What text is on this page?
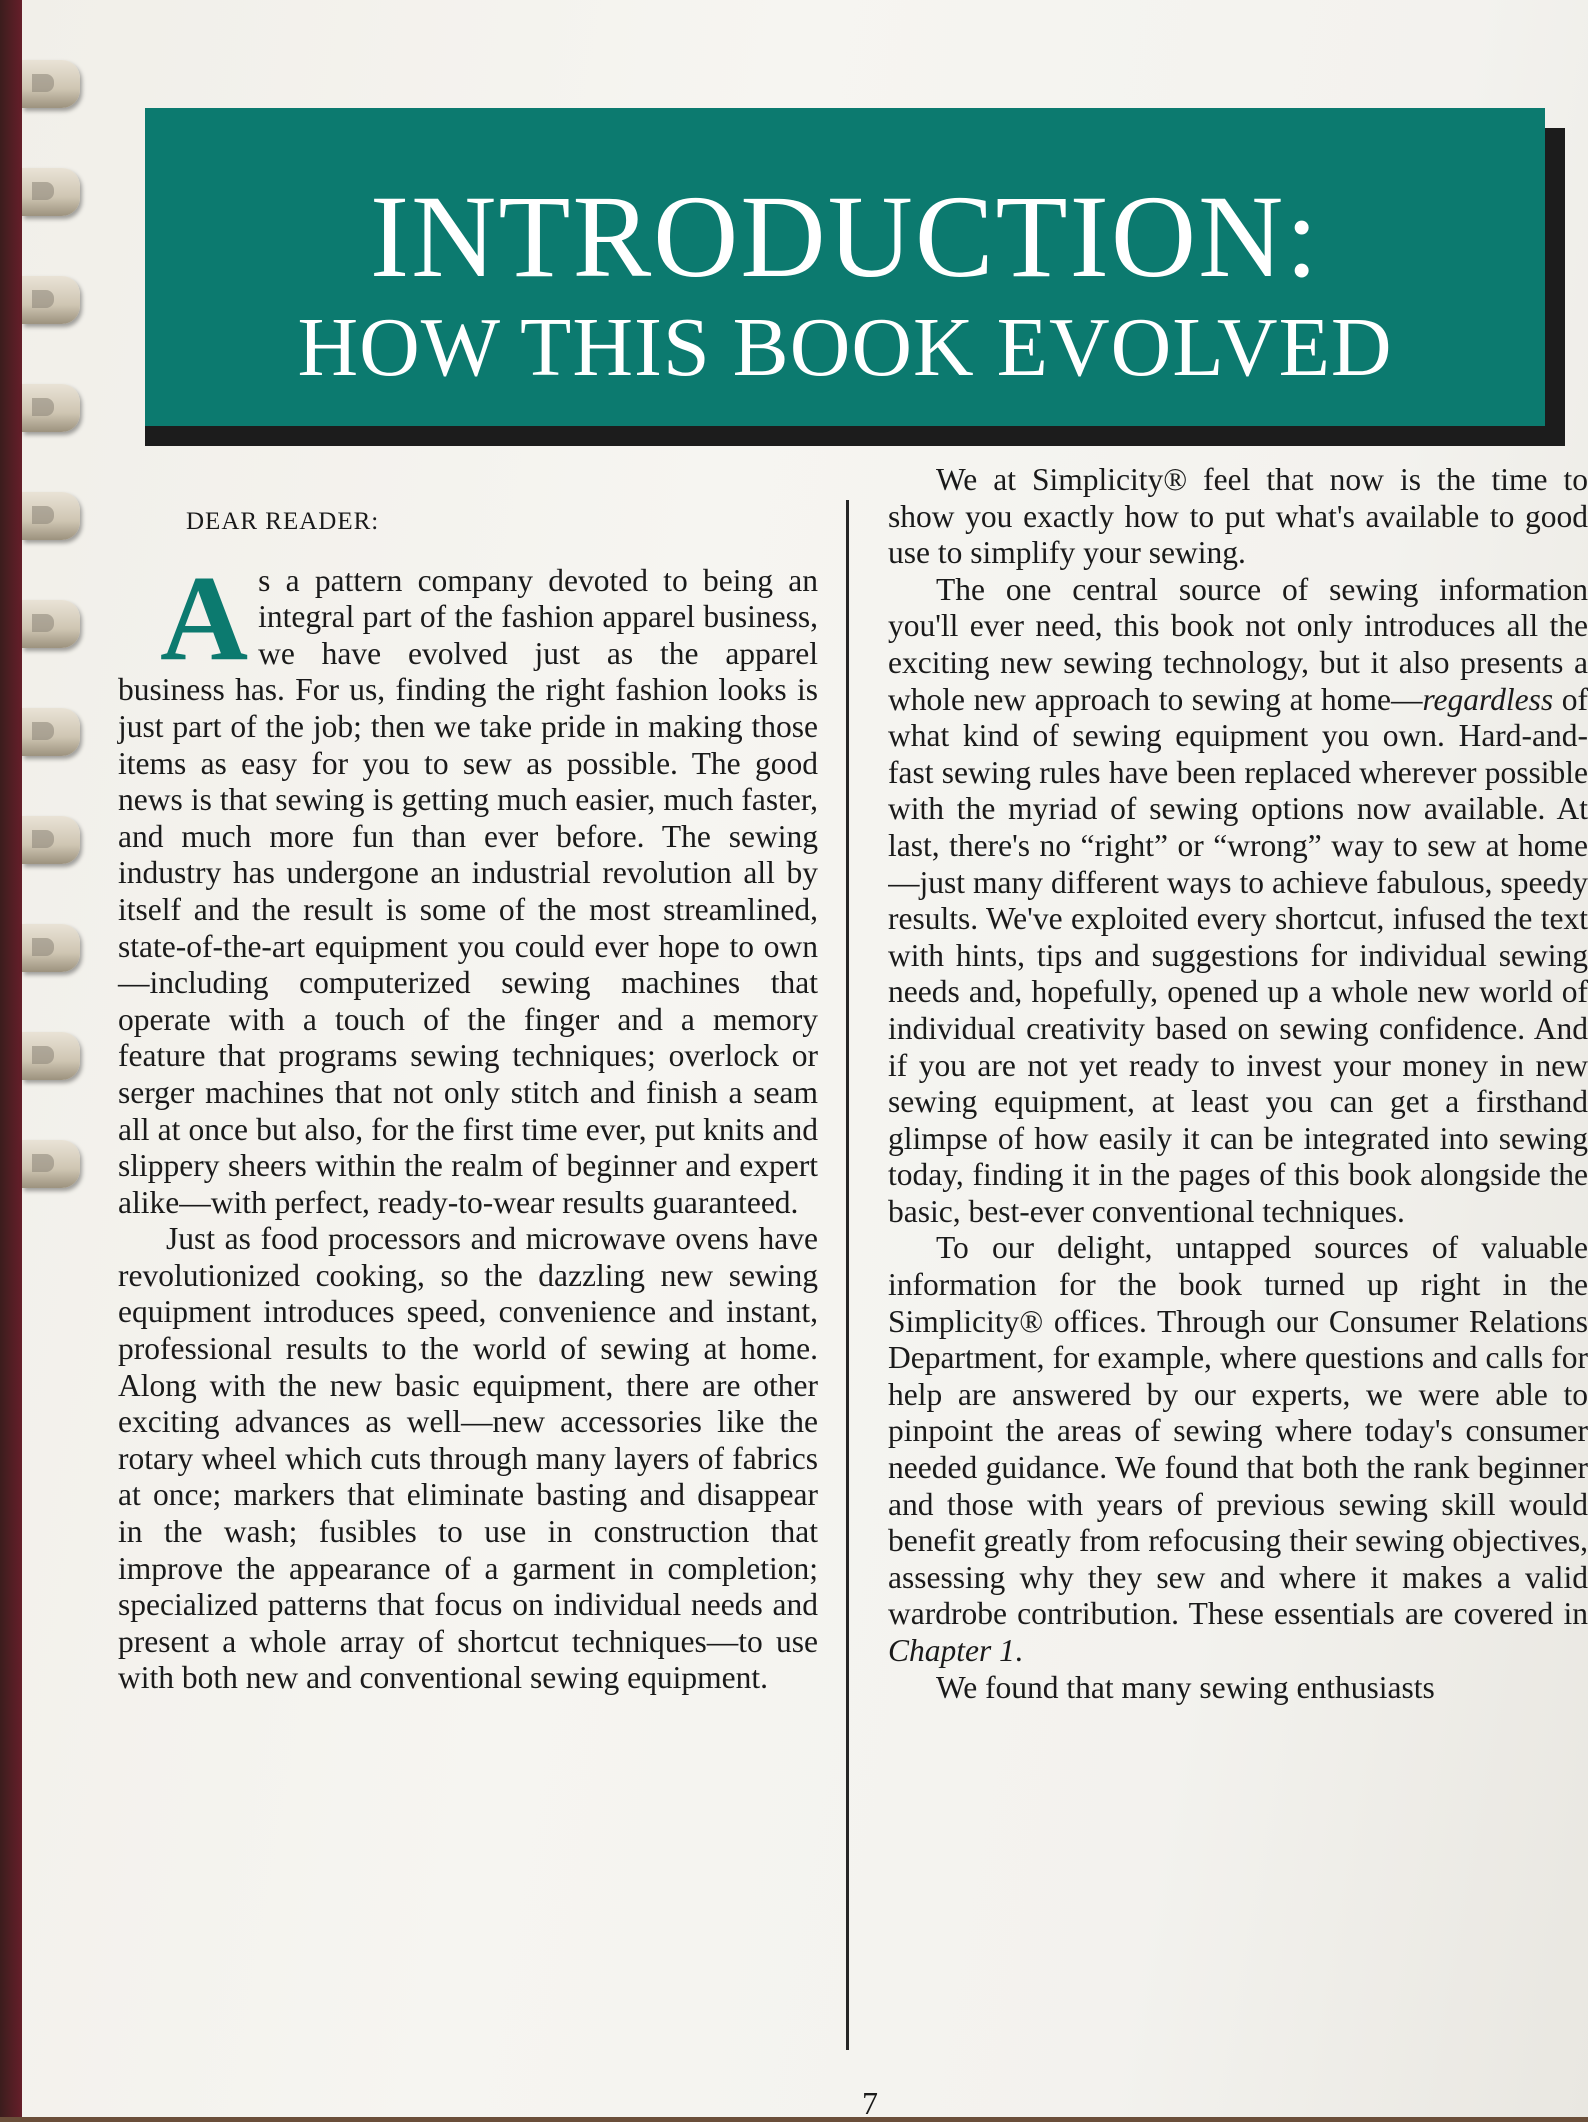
INTRODUCTION:
HOW THIS BOOK EVOLVED
DEAR READER:

As a pattern company devoted to being an integral part of the fashion apparel business, we have evolved just as the apparel business has. For us, finding the right fashion looks is just part of the job; then we take pride in making those items as easy for you to sew as possible. The good news is that sewing is getting much easier, much faster, and much more fun than ever before. The sewing industry has undergone an industrial revolution all by itself and the result is some of the most streamlined, state-of-the-art equipment you could ever hope to own—including computerized sewing machines that operate with a touch of the finger and a memory feature that programs sewing techniques; overlock or serger machines that not only stitch and finish a seam all at once but also, for the first time ever, put knits and slippery sheers within the realm of beginner and expert alike—with perfect, ready-to-wear results guaranteed.

Just as food processors and microwave ovens have revolutionized cooking, so the dazzling new sewing equipment introduces speed, convenience and instant, professional results to the world of sewing at home. Along with the new basic equipment, there are other exciting advances as well—new accessories like the rotary wheel which cuts through many layers of fabrics at once; markers that eliminate basting and disappear in the wash; fusibles to use in construction that improve the appearance of a garment in completion; specialized patterns that focus on individual needs and present a whole array of shortcut techniques—to use with both new and conventional sewing equipment.

We at Simplicity® feel that now is the time to show you exactly how to put what's available to good use to simplify your sewing.

The one central source of sewing information you'll ever need, this book not only introduces all the exciting new sewing technology, but it also presents a whole new approach to sewing at home—regardless of what kind of sewing equipment you own. Hard-and-fast sewing rules have been replaced wherever possible with the myriad of sewing options now available. At last, there's no “right” or “wrong” way to sew at home—just many different ways to achieve fabulous, speedy results. We've exploited every shortcut, infused the text with hints, tips and suggestions for individual sewing needs and, hopefully, opened up a whole new world of individual creativity based on sewing confidence. And if you are not yet ready to invest your money in new sewing equipment, at least you can get a firsthand glimpse of how easily it can be integrated into sewing today, finding it in the pages of this book alongside the basic, best-ever conventional techniques.

To our delight, untapped sources of valuable information for the book turned up right in the Simplicity® offices. Through our Consumer Relations Department, for example, where questions and calls for help are answered by our experts, we were able to pinpoint the areas of sewing where today's consumer needed guidance. We found that both the rank beginner and those with years of previous sewing skill would benefit greatly from refocusing their sewing objectives, assessing why they sew and where it makes a valid wardrobe contribution. These essentials are covered in Chapter 1.

We found that many sewing enthusiasts

7
